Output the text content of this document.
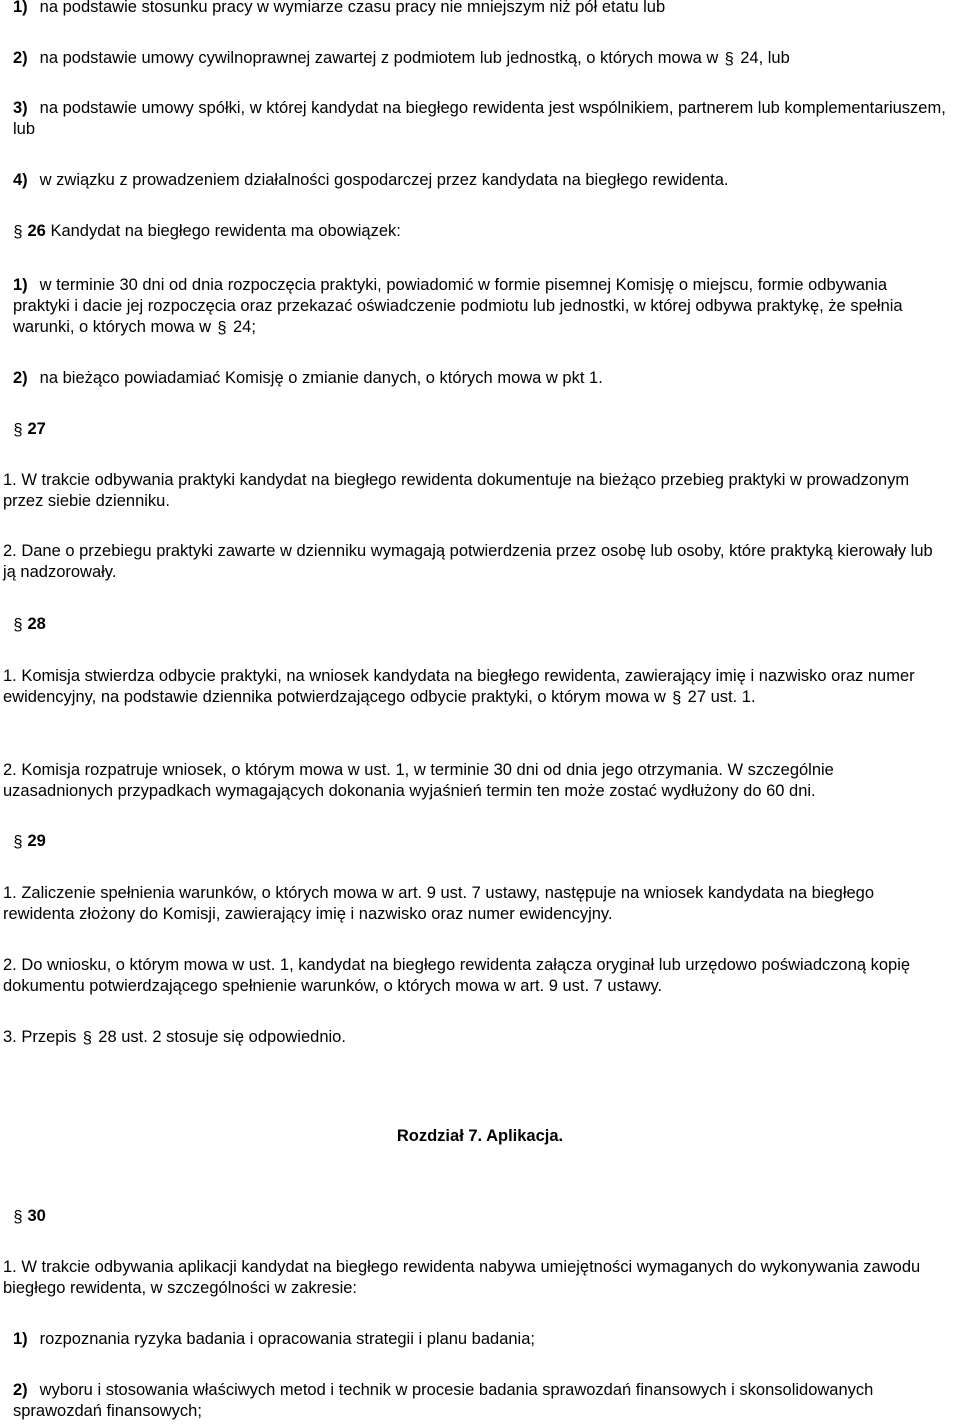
1) na podstawie stosunku pracy w wymiarze czasu pracy nie mniejszym niż pół etatu lub

2) na podstawie umowy cywilnoprawnej zawartej z podmiotem lub jednostką, o których mowa w § 24, lub

3) na podstawie umowy spółki, w której kandydat na biegłego rewidenta jest wspólnikiem, partnerem lub komplementariuszem, lub

4) w związku z prowadzeniem działalności gospodarczej przez kandydata na biegłego rewidenta.

§ 26 Kandydat na biegłego rewidenta ma obowiązek:

1) w terminie 30 dni od dnia rozpoczęcia praktyki, powiadomić w formie pisemnej Komisję o miejscu, formie odbywania praktyki i dacie jej rozpoczęcia oraz przekazać oświadczenie podmiotu lub jednostki, w której odbywa praktykę, że spełnia warunki, o których mowa w § 24;

2) na bieżąco powiadamiać Komisję o zmianie danych, o których mowa w pkt 1.

§ 27

1. W trakcie odbywania praktyki kandydat na biegłego rewidenta dokumentuje na bieżąco przebieg praktyki w prowadzonym przez siebie dzienniku.

2. Dane o przebiegu praktyki zawarte w dzienniku wymagają potwierdzenia przez osobę lub osoby, które praktyką kierowały lub ją nadzorowały.

§ 28

1. Komisja stwierdza odbycie praktyki, na wniosek kandydata na biegłego rewidenta, zawierający imię i nazwisko oraz numer ewidencyjny, na podstawie dziennika potwierdzającego odbycie praktyki, o którym mowa w § 27 ust. 1.

2. Komisja rozpatruje wniosek, o którym mowa w ust. 1, w terminie 30 dni od dnia jego otrzymania. W szczególnie uzasadnionych przypadkach wymagających dokonania wyjaśnień termin ten może zostać wydłużony do 60 dni.

§ 29

1. Zaliczenie spełnienia warunków, o których mowa w art. 9 ust. 7 ustawy, następuje na wniosek kandydata na biegłego rewidenta złożony do Komisji, zawierający imię i nazwisko oraz numer ewidencyjny.

2. Do wniosku, o którym mowa w ust. 1, kandydat na biegłego rewidenta załącza oryginał lub urzędowo poświadczoną kopię dokumentu potwierdzającego spełnienie warunków, o których mowa w art. 9 ust. 7 ustawy.

3. Przepis § 28 ust. 2 stosuje się odpowiednio.

Rozdział 7. Aplikacja.

§ 30

1. W trakcie odbywania aplikacji kandydat na biegłego rewidenta nabywa umiejętności wymaganych do wykonywania zawodu biegłego rewidenta, w szczególności w zakresie:

1) rozpoznania ryzyka badania i opracowania strategii i planu badania;

2) wyboru i stosowania właściwych metod i technik w procesie badania sprawozdań finansowych i skonsolidowanych sprawozdań finansowych;
